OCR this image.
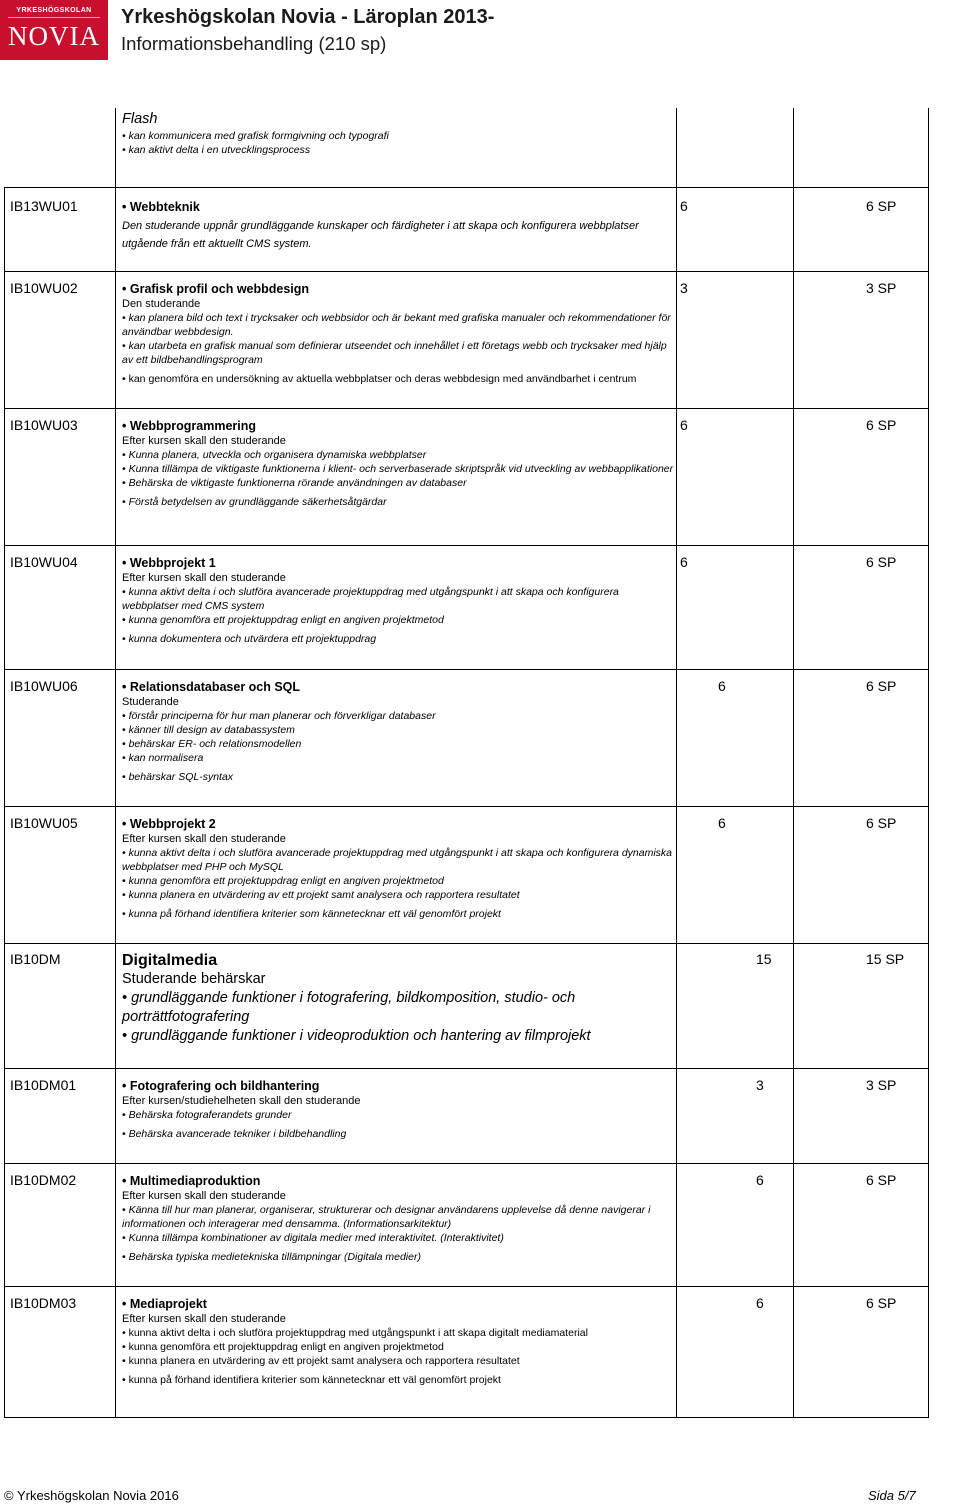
YRKESHÖGSKOLAN
NOVIA
Yrkeshögskolan Novia - Läroplan 2013-
Informationsbehandling (210 sp)
Flash
• kan kommunicera med grafisk formgivning och typografi
• kan aktivt delta i en utvecklingsprocess
IB13WU01	• Webbteknik
Den studerande uppnår grundläggande kunskaper och färdigheter i att skapa och konfigurera webbplatser utgående från ett aktuellt CMS system.
6	6 SP
IB10WU02	• Grafisk profil och webbdesign
Den studerande
• kan planera bild och text i trycksaker och webbsidor och är bekant med grafiska manualer och rekommendationer för användbar webbdesign.
• kan utarbeta en grafisk manual som definierar utseendet och innehållet i ett företags webb och trycksaker med hjälp av ett bildbehandlingsprogram
• kan genomföra en undersökning av aktuella webbplatser och deras webbdesign med användbarhet i centrum
3	3 SP
IB10WU03	• Webbprogrammering
Efter kursen skall den studerande
• Kunna planera, utveckla och organisera dynamiska webbplatser
• Kunna tillämpa de viktigaste funktionerna i klient- och serverbaserade skriptspråk vid utveckling av webbapplikationer
• Behärska de viktigaste funktionerna rörande användningen av databaser
• Förstå betydelsen av grundläggande säkerhetsåtgärdar
6	6 SP
IB10WU04	• Webbprojekt 1
Efter kursen skall den studerande
• kunna aktivt delta i och slutföra avancerade projektuppdrag med utgångspunkt i att skapa och konfigurera webbplatser med CMS system
• kunna genomföra ett projektuppdrag enligt en angiven projektmetod
• kunna dokumentera och utvärdera ett projektuppdrag
6	6 SP
IB10WU06	• Relationsdatabaser och SQL
Studerande
• förstår principerna för hur man planerar och förverkligar databaser
• känner till design av databassystem
• behärskar ER- och relationsmodellen
• kan normalisera
• behärskar SQL-syntax
6	6 SP
IB10WU05	• Webbprojekt 2
Efter kursen skall den studerande
• kunna aktivt delta i och slutföra avancerade projektuppdrag med utgångspunkt i att skapa och konfigurera dynamiska webbplatser med PHP och MySQL
• kunna genomföra ett projektuppdrag enligt en angiven projektmetod
• kunna planera en utvärdering av ett projekt samt analysera och rapportera resultatet
• kunna på förhand identifiera kriterier som kännetecknar ett väl genomfört projekt
6	6 SP
IB10DM	Digitalmedia
Studerande behärskar
• grundläggande funktioner i fotografering, bildkomposition, studio- och porträttfotografering
• grundläggande funktioner i videoproduktion och hantering av filmprojekt
15	15 SP
IB10DM01	• Fotografering och bildhantering
Efter kursen/studiehelheten skall den studerande
• Behärska fotograferandets grunder
• Behärska avancerade tekniker i bildbehandling
3	3 SP
IB10DM02	• Multimediaproduktion
Efter kursen skall den studerande
• Känna till hur man planerar, organiserar, strukturerar och designar användarens upplevelse då denne navigerar i informationen och interagerar med densamma. (Informationsarkitektur)
• Kunna tillämpa kombinationer av digitala medier med interaktivitet. (Interaktivitet)
• Behärska typiska medietekniska tillämpningar (Digitala medier)
6	6 SP
IB10DM03	• Mediaprojekt
Efter kursen skall den studerande
• kunna aktivt delta i och slutföra projektuppdrag med utgångspunkt i att skapa digitalt mediamaterial
• kunna genomföra ett projektuppdrag enligt en angiven projektmetod
• kunna planera en utvärdering av ett projekt samt analysera och rapportera resultatet
• kunna på förhand identifiera kriterier som kännetecknar ett väl genomfört projekt
6	6 SP
© Yrkeshögskolan Novia 2016	Sida 5/7
